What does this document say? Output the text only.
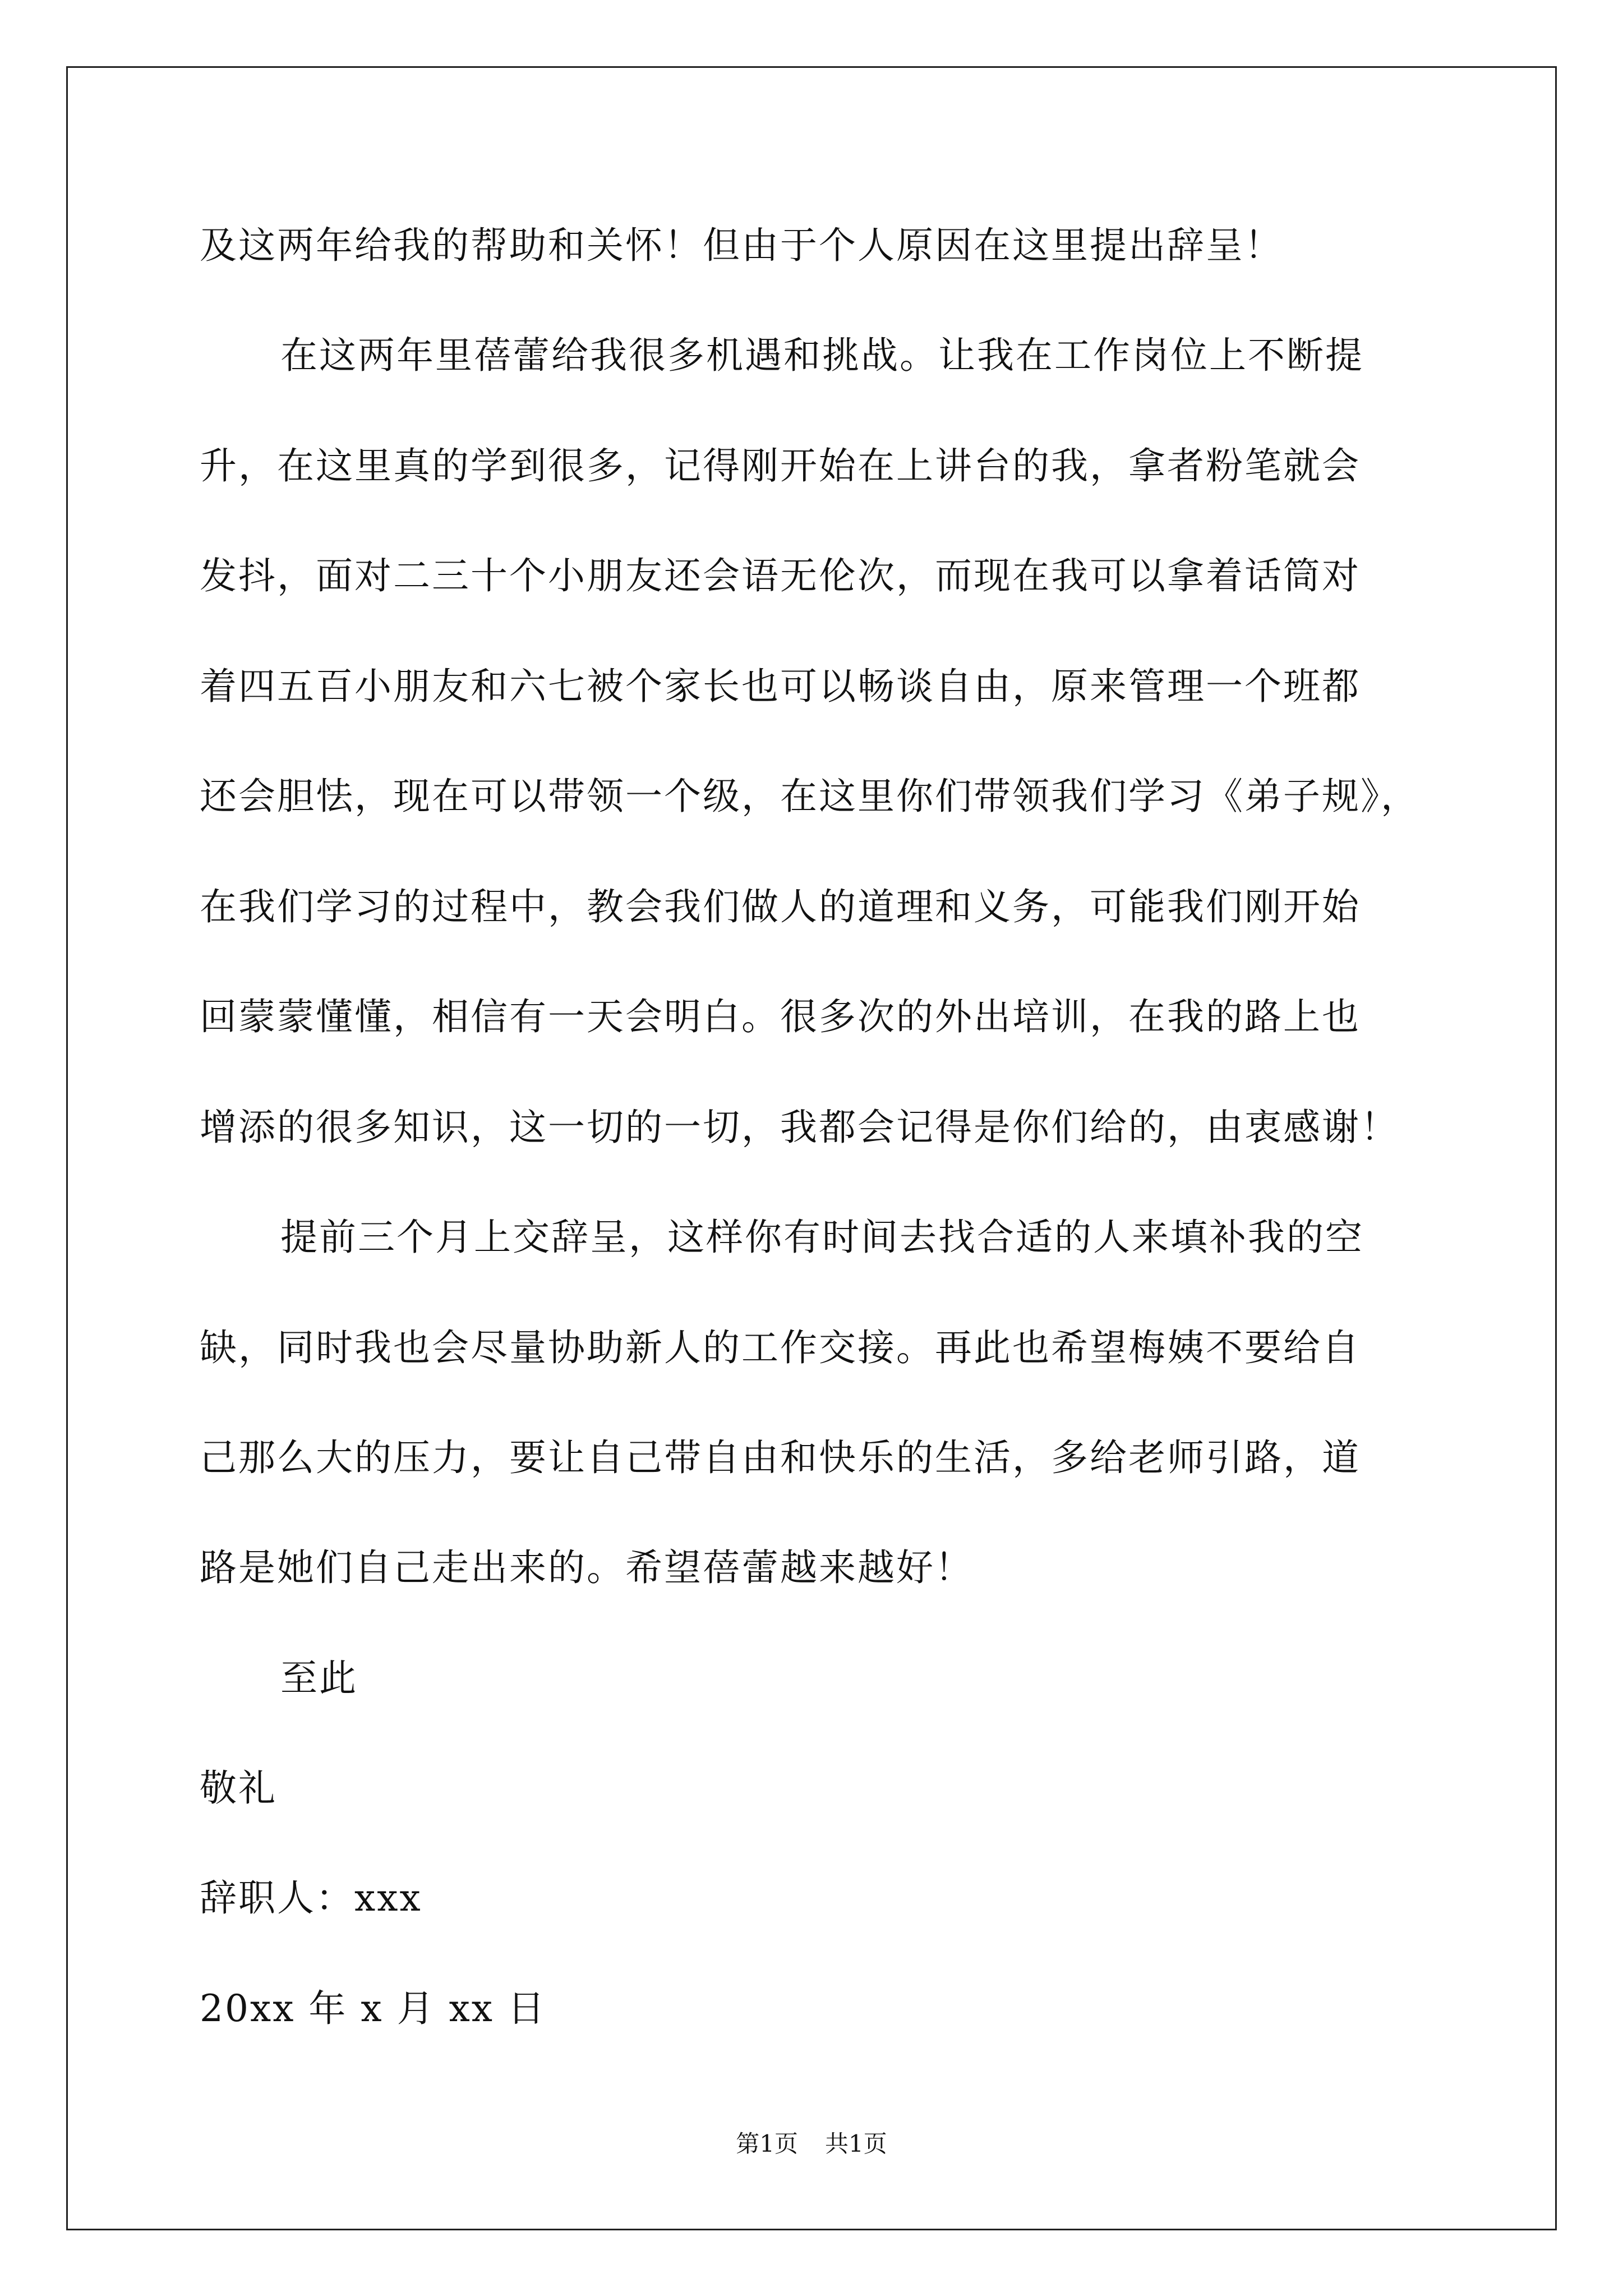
及这两年给我的帮助和关怀！但由于个人原因在这里提出辞呈！
在这两年里蓓蕾给我很多机遇和挑战。让我在工作岗位上不断提
升，在这里真的学到很多，记得刚开始在上讲台的我，拿者粉笔就会
发抖，面对二三十个小朋友还会语无伦次，而现在我可以拿着话筒对
着四五百小朋友和六七被个家长也可以畅谈自由，原来管理一个班都
还会胆怯，现在可以带领一个级，在这里你们带领我们学习《弟子规》，
在我们学习的过程中，教会我们做人的道理和义务，可能我们刚开始
回蒙蒙懂懂，相信有一天会明白。很多次的外出培训，在我的路上也
增添的很多知识，这一切的一切，我都会记得是你们给的，由衷感谢！
提前三个月上交辞呈，这样你有时间去找合适的人来填补我的空
缺，同时我也会尽量协助新人的工作交接。再此也希望梅姨不要给自
己那么大的压力，要让自己带自由和快乐的生活，多给老师引路，道
路是她们自己走出来的。希望蓓蕾越来越好！
至此
敬礼
辞职人：xxx
20xx 年 x 月 xx 日
第1页 共1页
